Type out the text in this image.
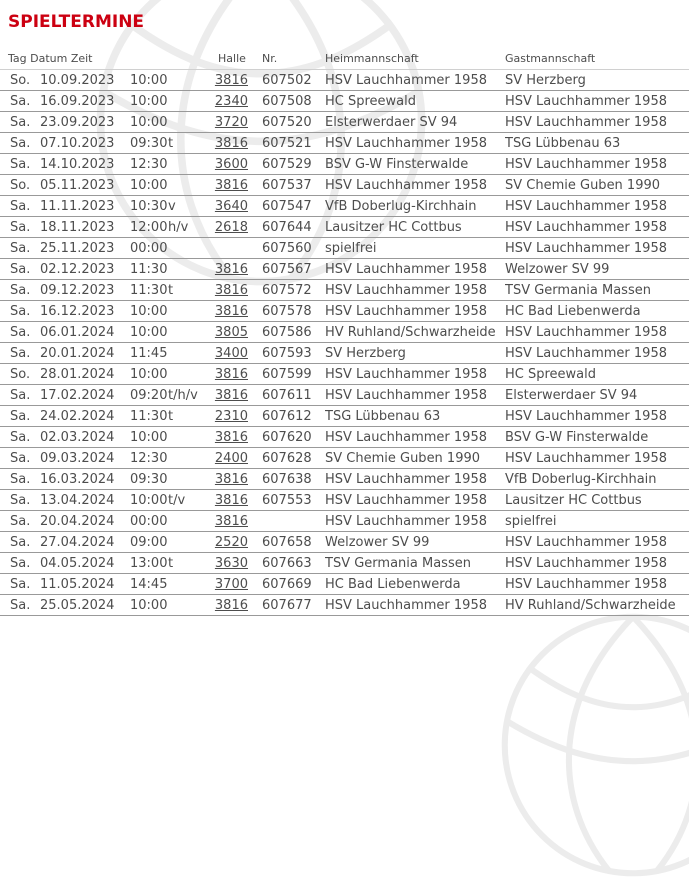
SPIELTERMINE
Tag Datum Zeit				Halle	Nr.	Heimmannschaft	Gastmannschaft
So.	10.09.2023	10:00		3816	607502	HSV Lauchhammer 1958	SV Herzberg
Sa.	16.09.2023	10:00		2340	607508	HC Spreewald	HSV Lauchhammer 1958
Sa.	23.09.2023	10:00		3720	607520	Elsterwerdaer SV 94	HSV Lauchhammer 1958
Sa.	07.10.2023	09:30	t	3816	607521	HSV Lauchhammer 1958	TSG Lübbenau 63
Sa.	14.10.2023	12:30		3600	607529	BSV G-W Finsterwalde	HSV Lauchhammer 1958
So.	05.11.2023	10:00		3816	607537	HSV Lauchhammer 1958	SV Chemie Guben 1990
Sa.	11.11.2023	10:30	v	3640	607547	VfB Doberlug-Kirchhain	HSV Lauchhammer 1958
Sa.	18.11.2023	12:00	h/v	2618	607644	Lausitzer HC Cottbus	HSV Lauchhammer 1958
Sa.	25.11.2023	00:00			607560	spielfrei	HSV Lauchhammer 1958
Sa.	02.12.2023	11:30		3816	607567	HSV Lauchhammer 1958	Welzower SV 99
Sa.	09.12.2023	11:30	t	3816	607572	HSV Lauchhammer 1958	TSV Germania Massen
Sa.	16.12.2023	10:00		3816	607578	HSV Lauchhammer 1958	HC Bad Liebenwerda
Sa.	06.01.2024	10:00		3805	607586	HV Ruhland/Schwarzheide	HSV Lauchhammer 1958
Sa.	20.01.2024	11:45		3400	607593	SV Herzberg	HSV Lauchhammer 1958
So.	28.01.2024	10:00		3816	607599	HSV Lauchhammer 1958	HC Spreewald
Sa.	17.02.2024	09:20	t/h/v	3816	607611	HSV Lauchhammer 1958	Elsterwerdaer SV 94
Sa.	24.02.2024	11:30	t	2310	607612	TSG Lübbenau 63	HSV Lauchhammer 1958
Sa.	02.03.2024	10:00		3816	607620	HSV Lauchhammer 1958	BSV G-W Finsterwalde
Sa.	09.03.2024	12:30		2400	607628	SV Chemie Guben 1990	HSV Lauchhammer 1958
Sa.	16.03.2024	09:30		3816	607638	HSV Lauchhammer 1958	VfB Doberlug-Kirchhain
Sa.	13.04.2024	10:00	t/v	3816	607553	HSV Lauchhammer 1958	Lausitzer HC Cottbus
Sa.	20.04.2024	00:00		3816		HSV Lauchhammer 1958	spielfrei
Sa.	27.04.2024	09:00		2520	607658	Welzower SV 99	HSV Lauchhammer 1958
Sa.	04.05.2024	13:00	t	3630	607663	TSV Germania Massen	HSV Lauchhammer 1958
Sa.	11.05.2024	14:45		3700	607669	HC Bad Liebenwerda	HSV Lauchhammer 1958
Sa.	25.05.2024	10:00		3816	607677	HSV Lauchhammer 1958	HV Ruhland/Schwarzheide
